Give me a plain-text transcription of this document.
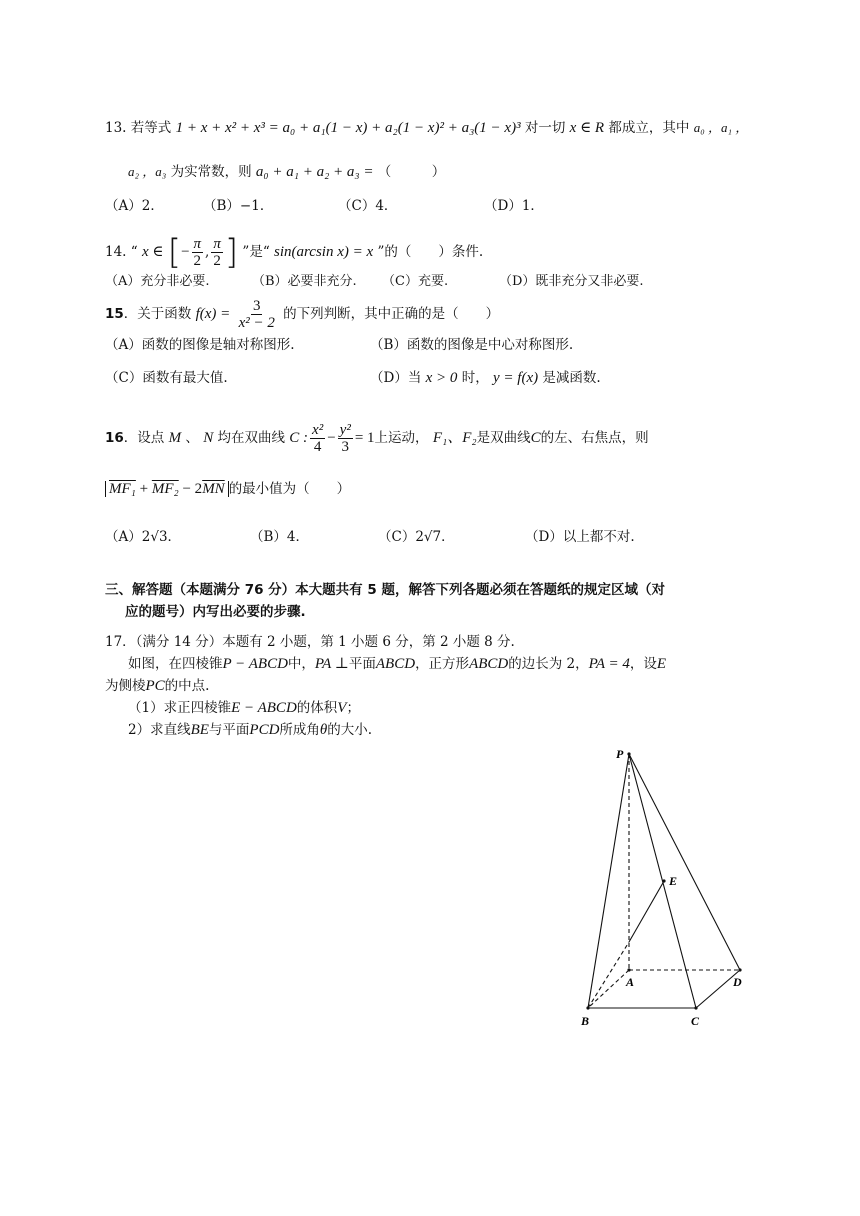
13. 若等式 1 + x + x² + x³ = a₀ + a₁(1 − x) + a₂(1 − x)² + a₃(1 − x)³ 对一切 x ∈ R 都成立，其中 a₀ ，a₁ ，
a₂ ，a₃ 为实常数，则 a₀ + a₁ + a₂ + a₃ = （　　　）
（A）2．	（B）−1．	（C）4．	（D）1．
14. “ x ∈ [− $\frac{\pi}{2}$ , $\frac{\pi}{2}$ ] ”是“ sin(arcsin x) = x ”的（　　）条件.
（A）充分非必要.	（B）必要非充分. （C）充要.	（D）既非充分又非必要.
15．关于函数 $f(x) = \frac{3}{\text{x² − 2}}$ 的下列判断，其中正确的是（　　）
（A）函数的图像是轴对称图形.	（B）函数的图像是中心对称图形.
（C）函数有最大值.	（D）当 x > 0 时， y = f(x) 是减函数.
16．设点 M 、 N 均在双曲线 C : $\frac{\text{x²}}{4} - \frac{\text{y²}}{3} = 1$上运动， F₁、F₂是双曲线C的左、右焦点，则
$MF_1 + MF_2 - 2\overline{MN}$ 的最小值为（　　）
（A）2√3．	（B）4．	（C）2√7．	（D）以上都不对.
三、解答题（本题满分 76 分）本大题共有 5 题，解答下列各题必须在答题纸的规定区域（对
应的题号）内写出必要的步骤.
17．（满分 14 分）本题有 2 小题，第 1 小题 6 分，第 2 小题 8 分.
如图，在四棱锥P − ABCD中，PA ⊥平面ABCD，正方形ABCD的边长为 2，PA = 4，设E
为侧棱PC的中点.
（1）求正四棱锥E − ABCD的体积V；
2）求直线BE与平面PCD所成角θ的大小.
P
E
A	D
B	C
